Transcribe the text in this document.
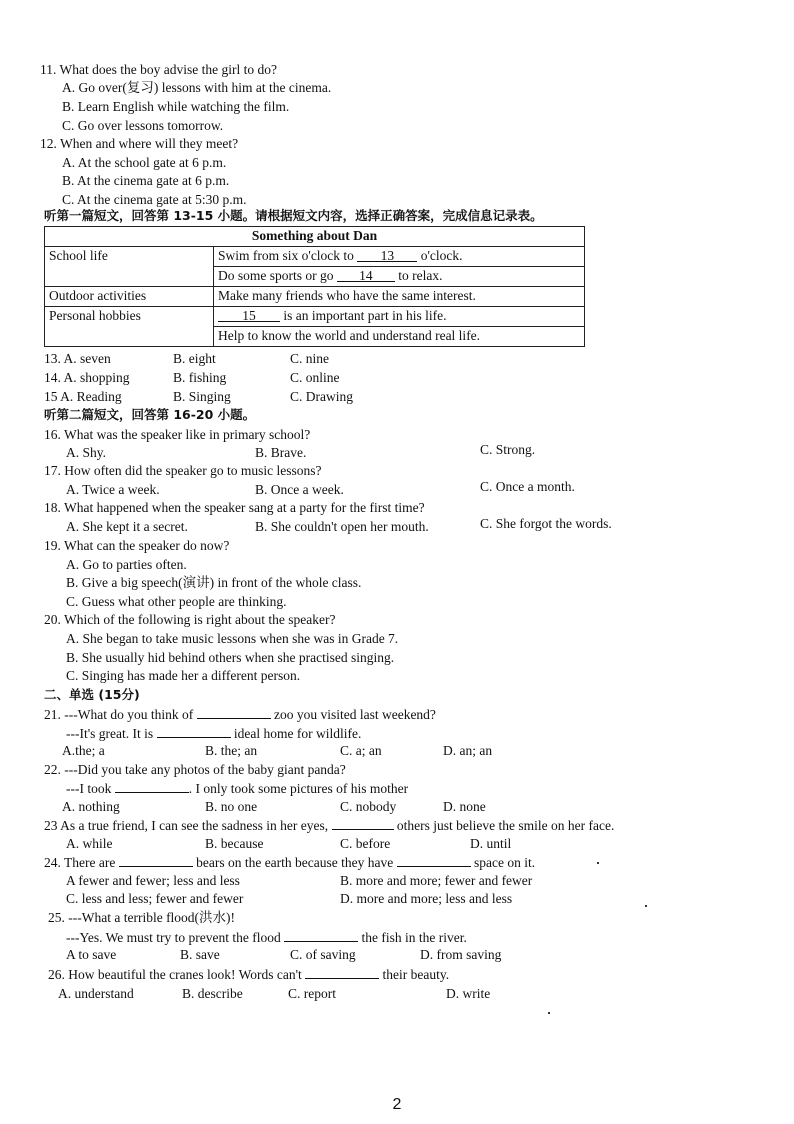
11. What does the boy advise the girl to do?
A. Go over(复习) lessons with him at the cinema.
B. Learn English while watching the film.
C. Go over lessons tomorrow.
12. When and where will they meet?
A. At the school gate at 6 p.m.
B. At the cinema gate at 6 p.m.
C. At the cinema gate at 5:30 p.m.
听第一篇短文，回答第 13-15 小题。请根据短文内容，选择正确答案，完成信息记录表。
Something about Dan	
School life	Swim from six o'clock to 13 o'clock.
	Do some sports or go 14 to relax.
Outdoor activities	Make many friends who have the same interest.
Personal hobbies	15 is an important part in his life.
	Help to know the world and understand real life.
13. A. seven	B. eight	C. nine
14. A. shopping	B. fishing	C. online
15 A. Reading	B. Singing	C. Drawing
听第二篇短文，回答第 16-20 小题。
16. What was the speaker like in primary school?
A. Shy.	B. Brave.	C. Strong.
17. How often did the speaker go to music lessons?
A. Twice a week.	B. Once a week.	C. Once a month.
18. What happened when the speaker sang at a party for the first time?
A. She kept it a secret.	B. She couldn't open her mouth.	C. She forgot the words.
19. What can the speaker do now?
A. Go to parties often.
B. Give a big speech(演讲) in front of the whole class.
C. Guess what other people are thinking.
20. Which of the following is right about the speaker?
A. She began to take music lessons when she was in Grade 7.
B. She usually hid behind others when she practised singing.
C. Singing has made her a different person.
二、单选 (15分)
21. ---What do you think of	zoo you visited last weekend?
---It's great. It is	ideal home for wildlife.
A.the; a	B. the; an	C. a; an	D. an; an
22. ---Did you take any photos of the baby giant panda?
---I took	. I only took some pictures of his mother
A. nothing	B. no one	C. nobody	D. none
23 As a true friend, I can see the sadness in her eyes,	others just believe the smile on her face.
A. while	B. because	C. before	D. until
24. There are	bears on the earth because they have	space on it.
A fewer and fewer; less and less	B. more and more; fewer and fewer
C. less and less; fewer and fewer	D. more and more; less and less
25. ---What a terrible flood(洪水)!
---Yes. We must try to prevent the flood	the fish in the river.
A to save	B. save	C. of saving	D. from saving
26. How beautiful the cranes look! Words can't	their beauty.
A. understand	B. describe	C. report	D. write
2
